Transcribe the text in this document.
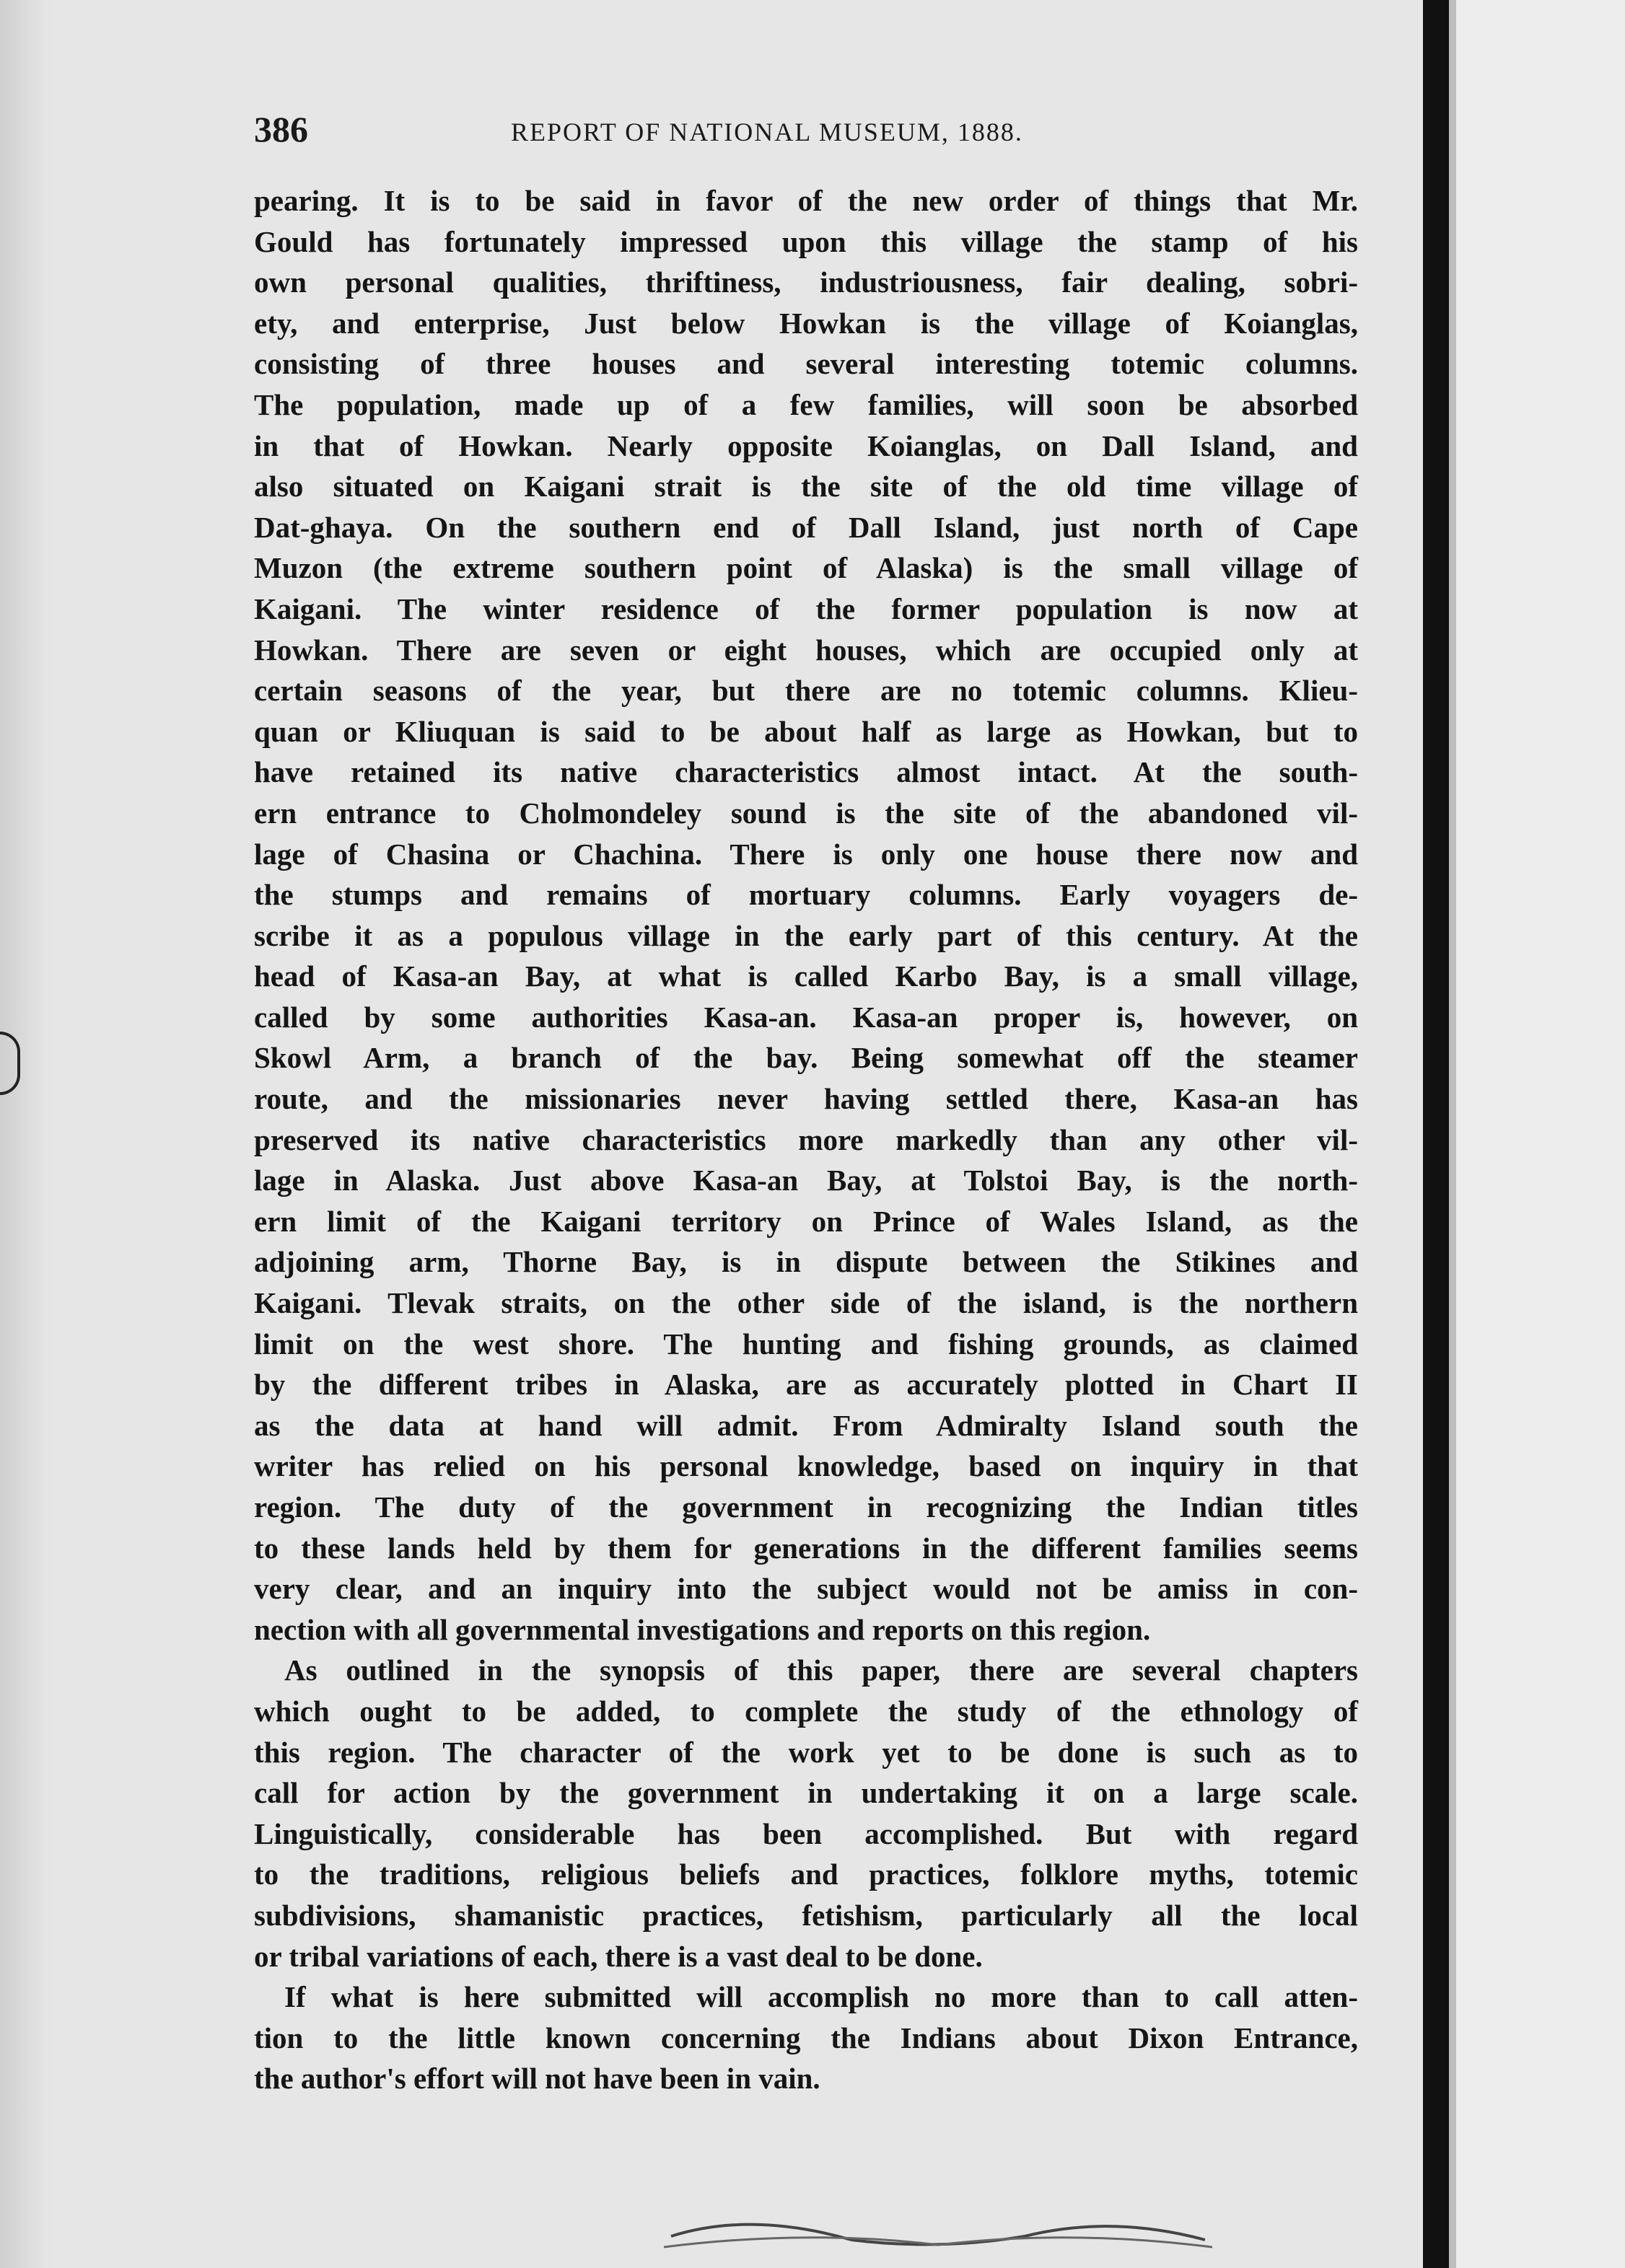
386	REPORT OF NATIONAL MUSEUM, 1888.

pearing. It is to be said in favor of the new order of things that Mr.
Gould has fortunately impressed upon this village the stamp of his
own personal qualities, thriftiness, industriousness, fair dealing, sobri-
ety, and enterprise, Just below Howkan is the village of Koianglas,
consisting of three houses and several interesting totemic columns.
The population, made up of a few families, will soon be absorbed
in that of Howkan. Nearly opposite Koianglas, on Dall Island, and
also situated on Kaigani strait is the site of the old time village of
Dat-ghaya. On the southern end of Dall Island, just north of Cape
Muzon (the extreme southern point of Alaska) is the small village of
Kaigani. The winter residence of the former population is now at
Howkan. There are seven or eight houses, which are occupied only at
certain seasons of the year, but there are no totemic columns. Klieu-
quan or Kliuquan is said to be about half as large as Howkan, but to
have retained its native characteristics almost intact. At the south-
ern entrance to Cholmondeley sound is the site of the abandoned vil-
lage of Chasina or Chachina. There is only one house there now and
the stumps and remains of mortuary columns. Early voyagers de-
scribe it as a populous village in the early part of this century. At the
head of Kasa-an Bay, at what is called Karbo Bay, is a small village,
called by some authorities Kasa-an. Kasa-an proper is, however, on
Skowl Arm, a branch of the bay. Being somewhat off the steamer
route, and the missionaries never having settled there, Kasa-an has
preserved its native characteristics more markedly than any other vil-
lage in Alaska. Just above Kasa-an Bay, at Tolstoi Bay, is the north-
ern limit of the Kaigani territory on Prince of Wales Island, as the
adjoining arm, Thorne Bay, is in dispute between the Stikines and
Kaigani. Tlevak straits, on the other side of the island, is the northern
limit on the west shore. The hunting and fishing grounds, as claimed
by the different tribes in Alaska, are as accurately plotted in Chart II
as the data at hand will admit. From Admiralty Island south the
writer has relied on his personal knowledge, based on inquiry in that
region. The duty of the government in recognizing the Indian titles
to these lands held by them for generations in the different families seems
very clear, and an inquiry into the subject would not be amiss in con-
nection with all governmental investigations and reports on this region.

As outlined in the synopsis of this paper, there are several chapters
which ought to be added, to complete the study of the ethnology of
this region. The character of the work yet to be done is such as to
call for action by the government in undertaking it on a large scale.
Linguistically, considerable has been accomplished. But with regard
to the traditions, religious beliefs and practices, folklore myths, totemic
subdivisions, shamanistic practices, fetishism, particularly all the local
or tribal variations of each, there is a vast deal to be done.

If what is here submitted will accomplish no more than to call atten-
tion to the little known concerning the Indians about Dixon Entrance,
the author's effort will not have been in vain.
